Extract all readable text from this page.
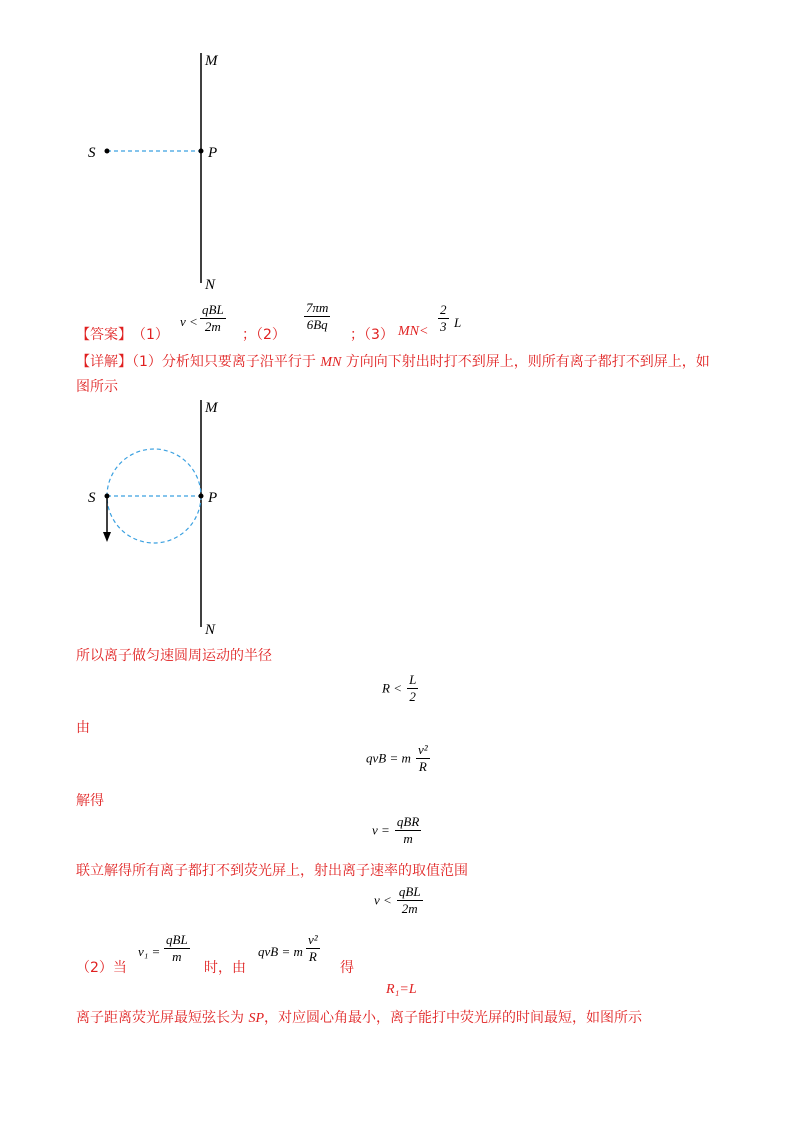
M
S	P
N
【答案】 （1）
v <
qBL
2m
；（2）
$\frac{7\pi m}{6Bq}$
；（3） $MN< \frac{2}{3}$ L
【详解】（1）分析知只要离子沿平行于 MN 方向向下射出时打不到屏上，则所有离子都打不到屏上，如
图所示
M
S	P
N
所以离子做匀速圆周运动的半径
$R < \frac{L}{2}$
由
qvB = m $\frac{\text{v²}}{R}$
解得
$v = \frac{\text{qBR}}{m}$
联立解得所有离子都打不到荧光屏上，射出离子速率的取值范围
$v < \frac{\text{qBL}}{2m}$
（2）当
v₁ =
qBL
m
时，由
qvB = m $\frac{\text{v²}}{R}$
得
R₁=L
离子距离荧光屏最短弦长为 SP，对应圆心角最小，离子能打中荧光屏的时间最短，如图所示
